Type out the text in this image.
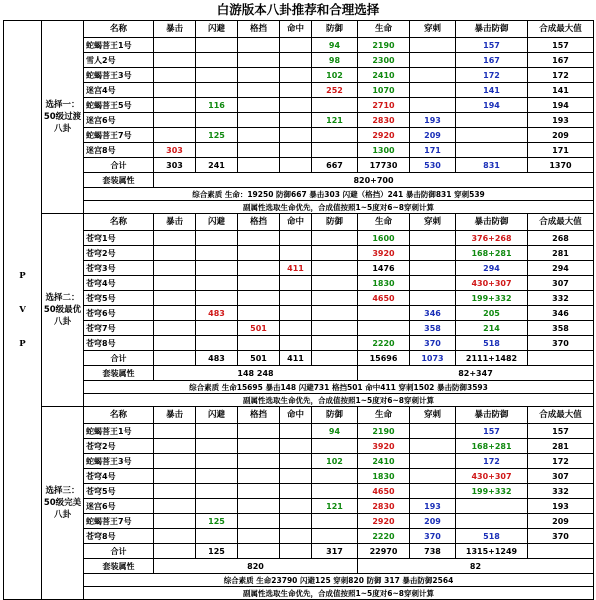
白游版本八卦推荐和合理选择
P
V
P	选择一：50级过渡八卦	名称	暴击	闪避	格挡	命中	防御	生命	穿刺	暴击防御	合成最大值
		蛇蝎菩王1号					94	2190		157	157
		雪人2号					98	2300		167	167
		蛇蝎菩王3号					102	2410		172	172
		迷宫4号					252	1070		141	141
		蛇蝎菩王5号		116				2710		194	194
		迷宫6号					121	2830	193		193
		蛇蝎菩王7号		125				2920	209		209
		迷宫8号	303					1300	171		171
		合计	303	241			667	17730	530	831	1370
		套装属性	820+700								
		综合素质 生命：19250 防御667 暴击303 闪避（格挡）241 暴击防御831 穿刺539									
		副属性选取生命优先，合成值按照1~5度对6~8穿刺计算									
	选择二：50级最优八卦	名称	暴击	闪避	格挡	命中	防御	生命	穿刺	暴击防御	合成最大值
		苍穹1号						1600		376+268	268
		苍穹2号						3920		168+281	281
		苍穹3号				411		1476		294	294
		苍穹4号						1830		430+307	307
		苍穹5号						4650		199+332	332
		苍穹6号		483					346	205	346
		苍穹7号			501				358	214	358
		苍穹8号						2220	370	518	370
		合计		483	501	411		15696	1073	2111+1482	
		套装属性	148 248					82+347			
		综合素质 生命15695 暴击148 闪避731 格挡501 命中411 穿刺1502 暴击防御3593									
		副属性选取生命优先，合成值按照1~5度对6~8穿刺计算									
	选择三：50级完美八卦	名称	暴击	闪避	格挡	命中	防御	生命	穿刺	暴击防御	合成最大值
		蛇蝎菩王1号					94	2190		157	157
		苍穹2号						3920		168+281	281
		蛇蝎菩王3号					102	2410		172	172
		苍穹4号						1830		430+307	307
		苍穹5号						4650		199+332	332
		迷宫6号					121	2830	193		193
		蛇蝎菩王7号		125				2920	209		209
		苍穹8号						2220	370	518	370
		合计		125			317	22970	738	1315+1249	
		套装属性	820					82			
		综合素质 生命23790 闪避125 穿刺820 防御 317 暴击防御2564									
		副属性选取生命优先，合成值按照1~5度对6~8穿刺计算									
